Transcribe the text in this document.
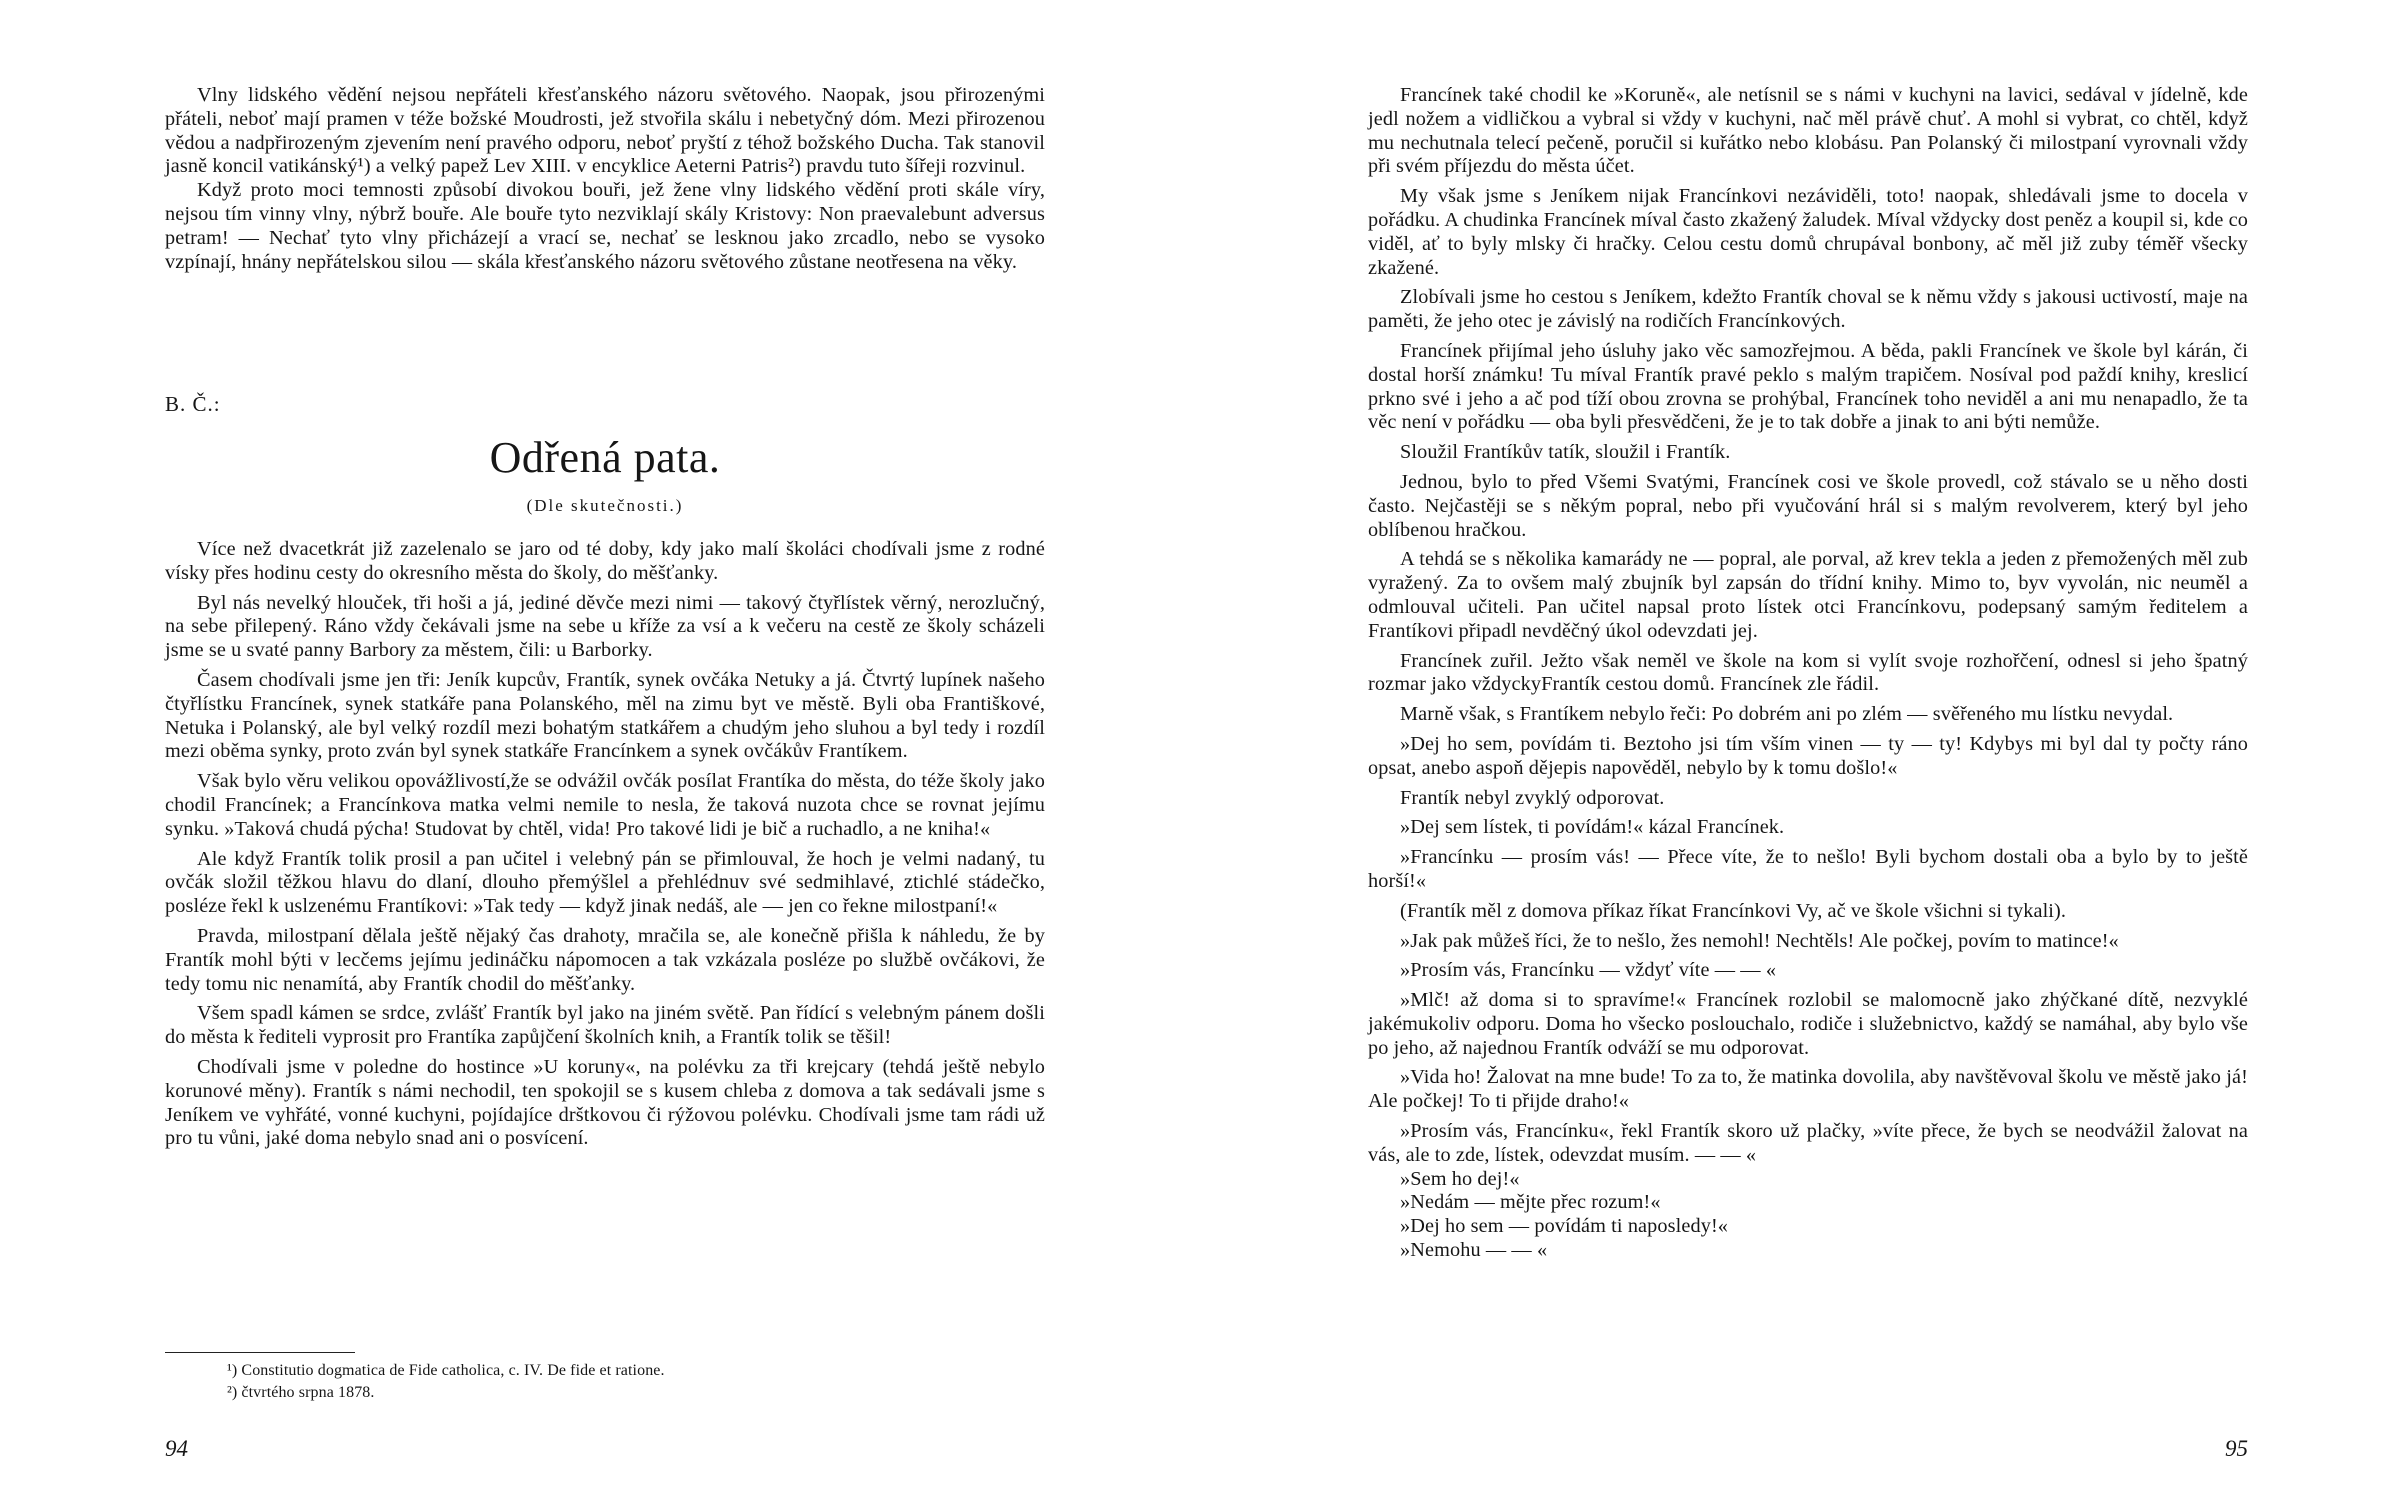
Vlny lidského vědění nejsou nepřáteli křesťanského názoru světového. Naopak, jsou přirozenými přáteli, neboť mají pramen v téže božské Moudrosti, jež stvořila skálu i nebetyčný dóm. Mezi přirozenou vědou a nadpřirozeným zjevením není pravého odporu, neboť pryští z téhož božského Ducha. Tak stanovil jasně koncil vatikánský¹) a velký papež Lev XIII. v encyklice Aeterni Patris²) pravdu tuto šířeji rozvinul.

Když proto moci temnosti způsobí divokou bouři, jež žene vlny lidského vědění proti skále víry, nejsou tím vinny vlny, nýbrž bouře. Ale bouře tyto nezviklají skály Kristovy: Non praevalebunt adversus petram! — Nechať tyto vlny přicházejí a vrací se, nechať se lesknou jako zrcadlo, nebo se vysoko vzpínají, hnány nepřátelskou silou — skála křesťanského názoru světového zůstane neotřesena na věky.

B. Č.:
Odřená pata.
(Dle skutečnosti.)

Více než dvacetkrát již zazelenalo se jaro od té doby, kdy jako malí školáci chodívali jsme z rodné vísky přes hodinu cesty do okresního města do školy, do měšťanky.

Byl nás nevelký hlouček, tři hoši a já, jediné děvče mezi nimi — takový čtyřlístek věrný, nerozlučný, na sebe přilepený. Ráno vždy čekávali jsme na sebe u kříže za vsí a k večeru na cestě ze školy scházeli jsme se u svaté panny Barbory za městem, čili: u Barborky.

Časem chodívali jsme jen tři: Jeník kupcův, Frantík, synek ovčáka Netuky a já. Čtvrtý lupínek našeho čtyřlístku Francínek, synek statkáře pana Polanského, měl na zimu byt ve městě. Byli oba Františkové, Netuka i Polanský, ale byl velký rozdíl mezi bohatým statkářem a chudým jeho sluhou a byl tedy i rozdíl mezi oběma synky, proto zván byl synek statkáře Francínkem a synek ovčákův Frantíkem.

Však bylo věru velikou opovážlivostí,že se odvážil ovčák posílat Frantíka do města, do téže školy jako chodil Francínek; a Francínkova matka velmi nemile to nesla, že taková nuzota chce se rovnat jejímu synku. »Taková chudá pýcha! Studovat by chtěl, vida! Pro takové lidi je bič a ruchadlo, a ne kniha!«

Ale když Frantík tolik prosil a pan učitel i velebný pán se přimlouval, že hoch je velmi nadaný, tu ovčák složil těžkou hlavu do dlaní, dlouho přemýšlel a přehlédnuv své sedmihlavé, ztichlé stádečko, posléze řekl k uslzenému Frantíkovi: »Tak tedy — když jinak nedáš, ale — jen co řekne milostpaní!«

Pravda, milostpaní dělala ještě nějaký čas drahoty, mračila se, ale konečně přišla k náhledu, že by Frantík mohl býti v lecčems jejímu jedináčku nápomocen a tak vzkázala posléze po službě ovčákovi, že tedy tomu nic nenamítá, aby Frantík chodil do měšťanky.

Všem spadl kámen se srdce, zvlášť Frantík byl jako na jiném světě. Pan řídící s velebným pánem došli do města k řediteli vyprosit pro Frantíka zapůjčení školních knih, a Frantík tolik se těšil!

Chodívali jsme v poledne do hostince »U koruny«, na polévku za tři krejcary (tehdá ještě nebylo korunové měny). Frantík s námi nechodil, ten spokojil se s kusem chleba z domova a tak sedávali jsme s Jeníkem ve vyhřáté, vonné kuchyni, pojídajíce drštkovou či rýžovou polévku. Chodívali jsme tam rádi už pro tu vůni, jaké doma nebylo snad ani o posvícení.

¹) Constitutio dogmatica de Fide catholica, c. IV. De fide et ratione.

²) čtvrtého srpna 1878.

94

Francínek také chodil ke »Koruně«, ale netísnil se s námi v kuchyni na lavici, sedával v jídelně, kde jedl nožem a vidličkou a vybral si vždy v kuchyni, nač měl právě chuť. A mohl si vybrat, co chtěl, když mu nechutnala telecí pečeně, poručil si kuřátko nebo klobásu. Pan Polanský či milostpaní vyrovnali vždy při svém příjezdu do města účet.

My však jsme s Jeníkem nijak Francínkovi nezáviděli, toto! naopak, shledávali jsme to docela v pořádku. A chudinka Francínek míval často zkažený žaludek. Míval vždycky dost peněz a koupil si, kde co viděl, ať to byly mlsky či hračky. Celou cestu domů chrupával bonbony, ač měl již zuby téměř všecky zkažené.

Zlobívali jsme ho cestou s Jeníkem, kdežto Frantík choval se k němu vždy s jakousi uctivostí, maje na paměti, že jeho otec je závislý na rodičích Francínkových.

Francínek přijímal jeho úsluhy jako věc samozřejmou. A běda, pakli Francínek ve škole byl kárán, či dostal horší známku! Tu míval Frantík pravé peklo s malým trapičem. Nosíval pod paždí knihy, kreslicí prkno své i jeho a ač pod tíží obou zrovna se prohýbal, Francínek toho neviděl a ani mu nenapadlo, že ta věc není v pořádku — oba byli přesvědčeni, že je to tak dobře a jinak to ani býti nemůže.

Sloužil Frantíkův tatík, sloužil i Frantík.

Jednou, bylo to před Všemi Svatými, Francínek cosi ve škole provedl, což stávalo se u něho dosti často. Nejčastěji se s někým popral, nebo při vyučování hrál si s malým revolverem, který byl jeho oblíbenou hračkou.

A tehdá se s několika kamarády ne — popral, ale porval, až krev tekla a jeden z přemožených měl zub vyražený. Za to ovšem malý zbujník byl zapsán do třídní knihy. Mimo to, byv vyvolán, nic neuměl a odmlouval učiteli. Pan učitel napsal proto lístek otci Francínkovu, podepsaný samým ředitelem a Frantíkovi připadl nevděčný úkol odevzdati jej.

Francínek zuřil. Ježto však neměl ve škole na kom si vylít svoje rozhořčení, odnesl si jeho špatný rozmar jako vždyckyFrantík cestou domů. Francínek zle řádil.

Marně však, s Frantíkem nebylo řeči: Po dobrém ani po zlém — svěřeného mu lístku nevydal.

»Dej ho sem, povídám ti. Beztoho jsi tím vším vinen — ty — ty! Kdybys mi byl dal ty počty ráno opsat, anebo aspoň dějepis napověděl, nebylo by k tomu došlo!«

Frantík nebyl zvyklý odporovat.

»Dej sem lístek, ti povídám!« kázal Francínek.

»Francínku — prosím vás! — Přece víte, že to nešlo! Byli bychom dostali oba a bylo by to ještě horší!«

(Frantík měl z domova příkaz říkat Francínkovi Vy, ač ve škole všichni si tykali).

»Jak pak můžeš říci, že to nešlo, žes nemohl! Nechtěls! Ale počkej, povím to matince!«

»Prosím vás, Francínku — vždyť víte — — «

»Mlč! až doma si to spravíme!« Francínek rozlobil se malomocně jako zhýčkané dítě, nezvyklé jakémukoliv odporu. Doma ho všecko poslouchalo, rodiče i služebnictvo, každý se namáhal, aby bylo vše po jeho, až najednou Frantík odváží se mu odporovat.

»Vida ho! Žalovat na mne bude! To za to, že matinka dovolila, aby navštěvoval školu ve městě jako já! Ale počkej! To ti přijde draho!«

»Prosím vás, Francínku«, řekl Frantík skoro už plačky, »víte přece, že bych se neodvážil žalovat na vás, ale to zde, lístek, odevzdat musím. — — «

»Sem ho dej!«

»Nedám — mějte přec rozum!«

»Dej ho sem — povídám ti naposledy!«

»Nemohu — — «

95
